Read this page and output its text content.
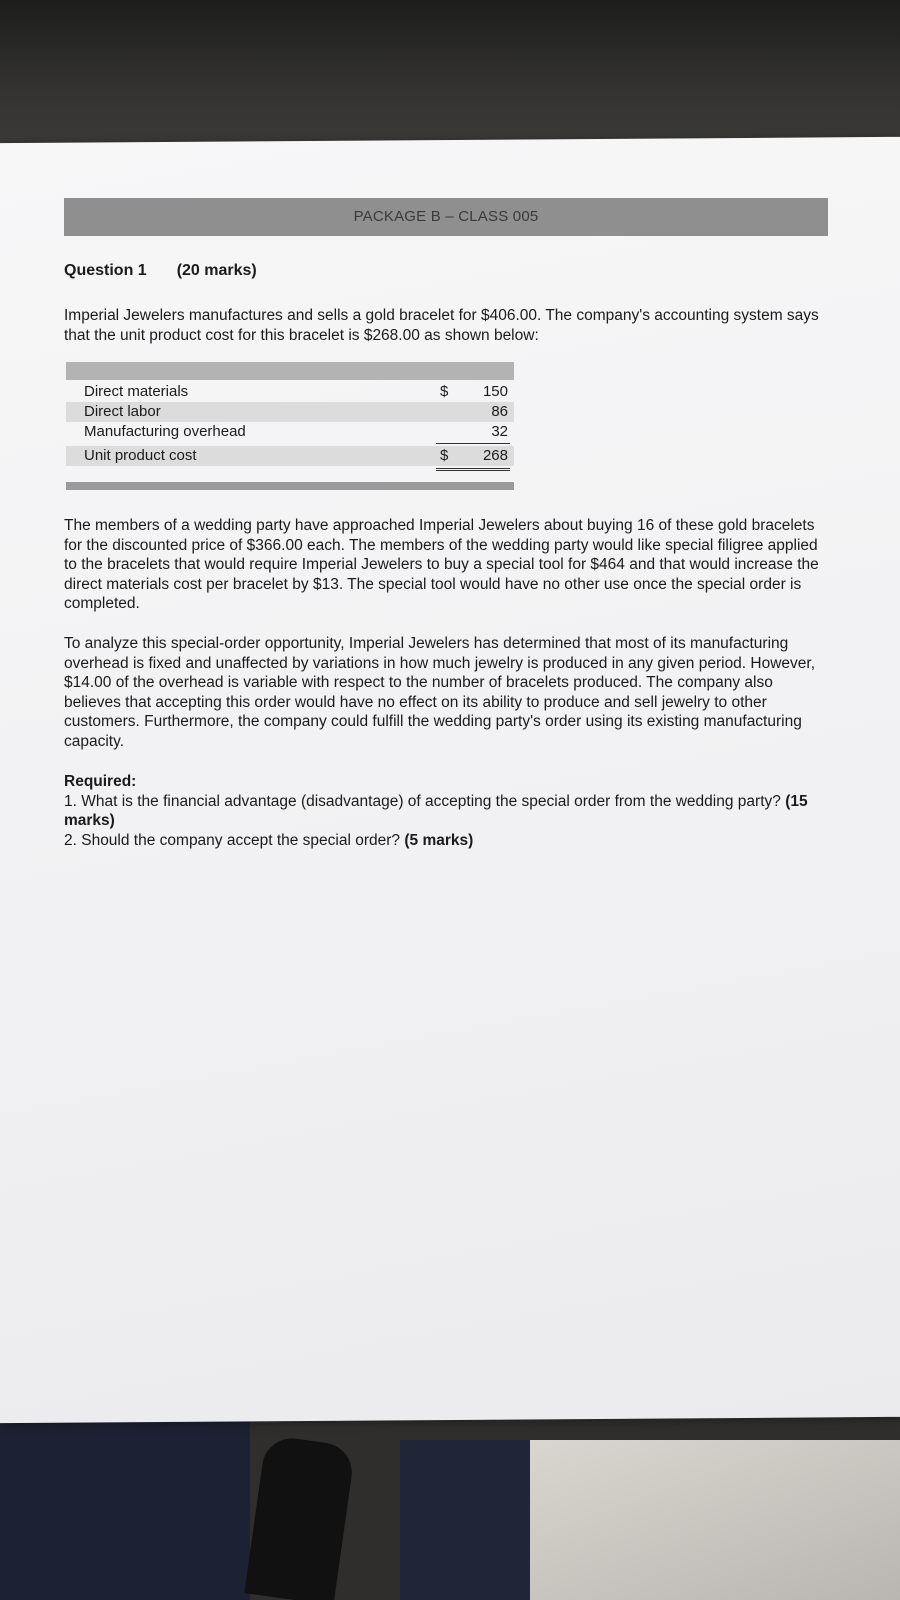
PACKAGE B – CLASS 005
Question 1 (20 marks)
Imperial Jewelers manufactures and sells a gold bracelet for $406.00. The company's accounting system says that the unit product cost for this bracelet is $268.00 as shown below:
Direct materials	$ 150
Direct labor	86
Manufacturing overhead	32
Unit product cost	$ 268
The members of a wedding party have approached Imperial Jewelers about buying 16 of these gold bracelets for the discounted price of $366.00 each. The members of the wedding party would like special filigree applied to the bracelets that would require Imperial Jewelers to buy a special tool for $464 and that would increase the direct materials cost per bracelet by $13. The special tool would have no other use once the special order is completed.
To analyze this special-order opportunity, Imperial Jewelers has determined that most of its manufacturing overhead is fixed and unaffected by variations in how much jewelry is produced in any given period. However, $14.00 of the overhead is variable with respect to the number of bracelets produced. The company also believes that accepting this order would have no effect on its ability to produce and sell jewelry to other customers. Furthermore, the company could fulfill the wedding party's order using its existing manufacturing capacity.
Required:
1. What is the financial advantage (disadvantage) of accepting the special order from the wedding party? (15 marks)
2. Should the company accept the special order? (5 marks)
